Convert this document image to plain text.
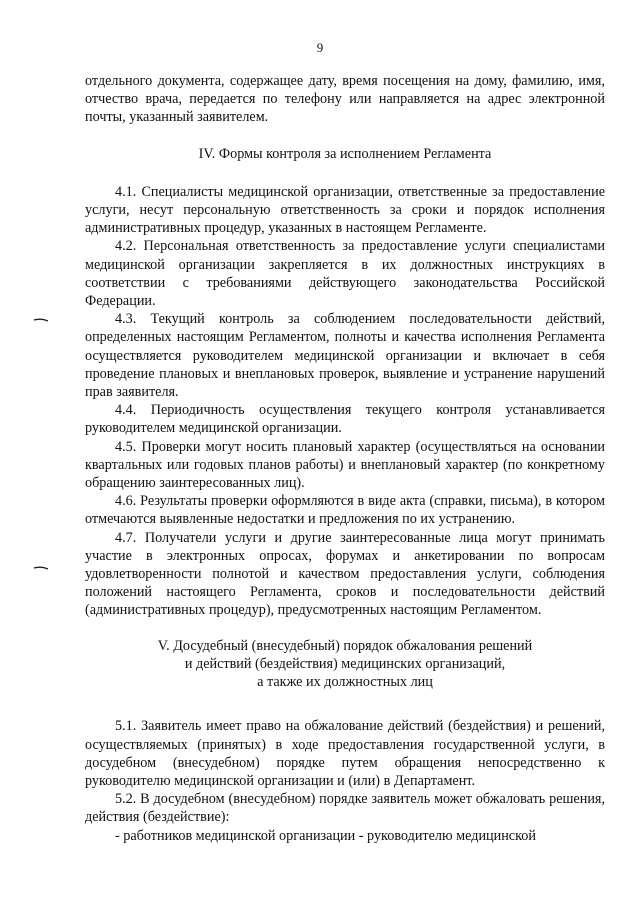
9

отдельного документа, содержащее дату, время посещения на дому, фамилию, имя, отчество врача, передается по телефону или направляется на адрес электронной почты, указанный заявителем.

IV. Формы контроля за исполнением Регламента

4.1. Специалисты медицинской организации, ответственные за предоставление услуги, несут персональную ответственность за сроки и порядок исполнения административных процедур, указанных в настоящем Регламенте.

4.2. Персональная ответственность за предоставление услуги специалистами медицинской организации закрепляется в их должностных инструкциях в соответствии с требованиями действующего законодательства Российской Федерации.

4.3. Текущий контроль за соблюдением последовательности действий, определенных настоящим Регламентом, полноты и качества исполнения Регламента осуществляется руководителем медицинской организации и включает в себя проведение плановых и внеплановых проверок, выявление и устранение нарушений прав заявителя.

4.4. Периодичность осуществления текущего контроля устанавливается руководителем медицинской организации.

4.5. Проверки могут носить плановый характер (осуществляться на основании квартальных или годовых планов работы) и внеплановый характер (по конкретному обращению заинтересованных лиц).

4.6. Результаты проверки оформляются в виде акта (справки, письма), в котором отмечаются выявленные недостатки и предложения по их устранению.

4.7. Получатели услуги и другие заинтересованные лица могут принимать участие в электронных опросах, форумах и анкетировании по вопросам удовлетворенности полнотой и качеством предоставления услуги, соблюдения положений настоящего Регламента, сроков и последовательности действий (административных процедур), предусмотренных настоящим Регламентом.

V. Досудебный (внесудебный) порядок обжалования решений
и действий (бездействия) медицинских организаций,
а также их должностных лиц

5.1. Заявитель имеет право на обжалование действий (бездействия) и решений, осуществляемых (принятых) в ходе предоставления государственной услуги, в досудебном (внесудебном) порядке путем обращения непосредственно к руководителю медицинской организации и (или) в Департамент.

5.2. В досудебном (внесудебном) порядке заявитель может обжаловать решения, действия (бездействие):

- работников медицинской организации - руководителю медицинской
